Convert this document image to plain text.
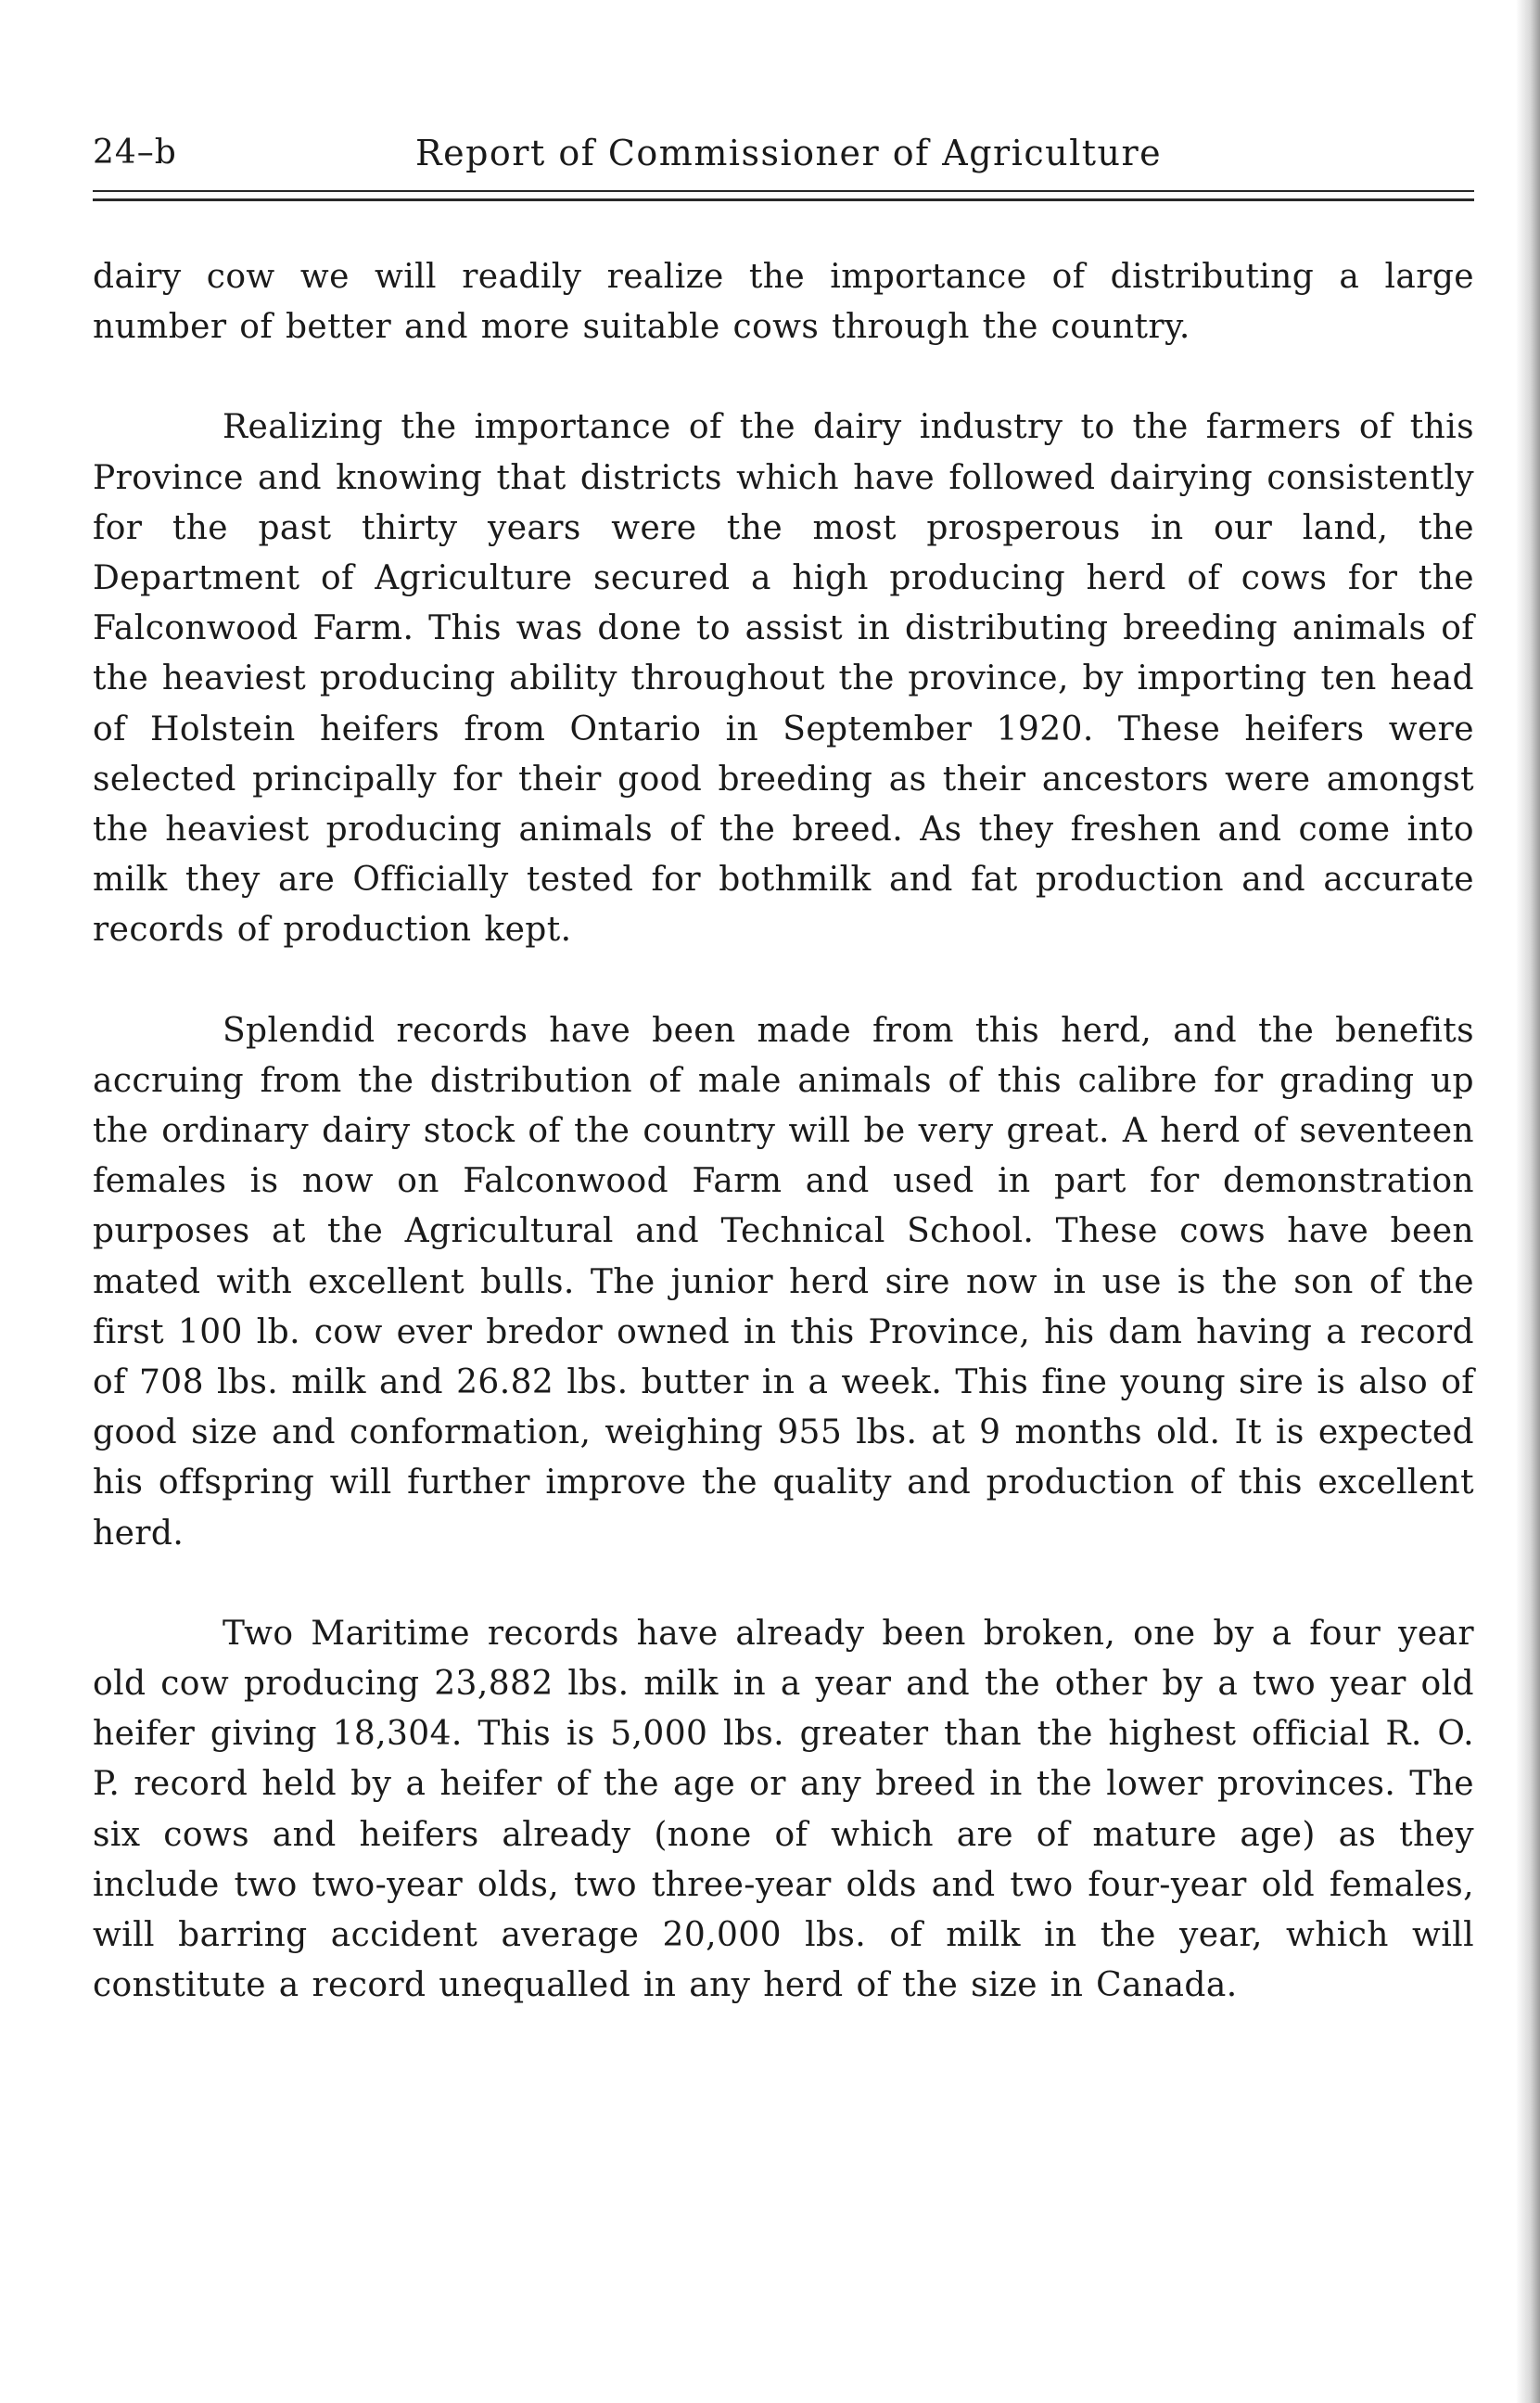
24–b	Report of Commissioner of Agriculture

dairy cow we will readily realize the importance of distributing a large number of better and more suitable cows through the country.

Realizing the importance of the dairy industry to the farmers of this Province and knowing that districts which have followed dairying consistently for the past thirty years were the most prosperous in our land, the Department of Agriculture secured a high producing herd of cows for the Falconwood Farm. This was done to assist in distributing breeding animals of the heaviest producing ability throughout the province, by importing ten head of Holstein heifers from Ontario in September 1920. These heifers were selected principally for their good breeding as their ancestors were amongst the heaviest producing animals of the breed. As they freshen and come into milk they are Officially tested for bothmilk and fat production and accurate records of production kept.

Splendid records have been made from this herd, and the benefits accruing from the distribution of male animals of this calibre for grading up the ordinary dairy stock of the country will be very great. A herd of seventeen females is now on Falconwood Farm and used in part for demonstration purposes at the Agricultural and Technical School. These cows have been mated with excellent bulls. The junior herd sire now in use is the son of the first 100 lb. cow ever bredor owned in this Province, his dam having a record of 708 lbs. milk and 26.82 lbs. butter in a week. This fine young sire is also of good size and conformation, weighing 955 lbs. at 9 months old. It is expected his offspring will further improve the quality and production of this excellent herd.

Two Maritime records have already been broken, one by a four year old cow producing 23,882 lbs. milk in a year and the other by a two year old heifer giving 18,304. This is 5,000 lbs. greater than the highest official R. O. P. record held by a heifer of the age or any breed in the lower provinces. The six cows and heifers already (none of which are of mature age) as they include two two-year olds, two three-year olds and two four-year old females, will barring accident average 20,000 lbs. of milk in the year, which will constitute a record unequalled in any herd of the size in Canada.
